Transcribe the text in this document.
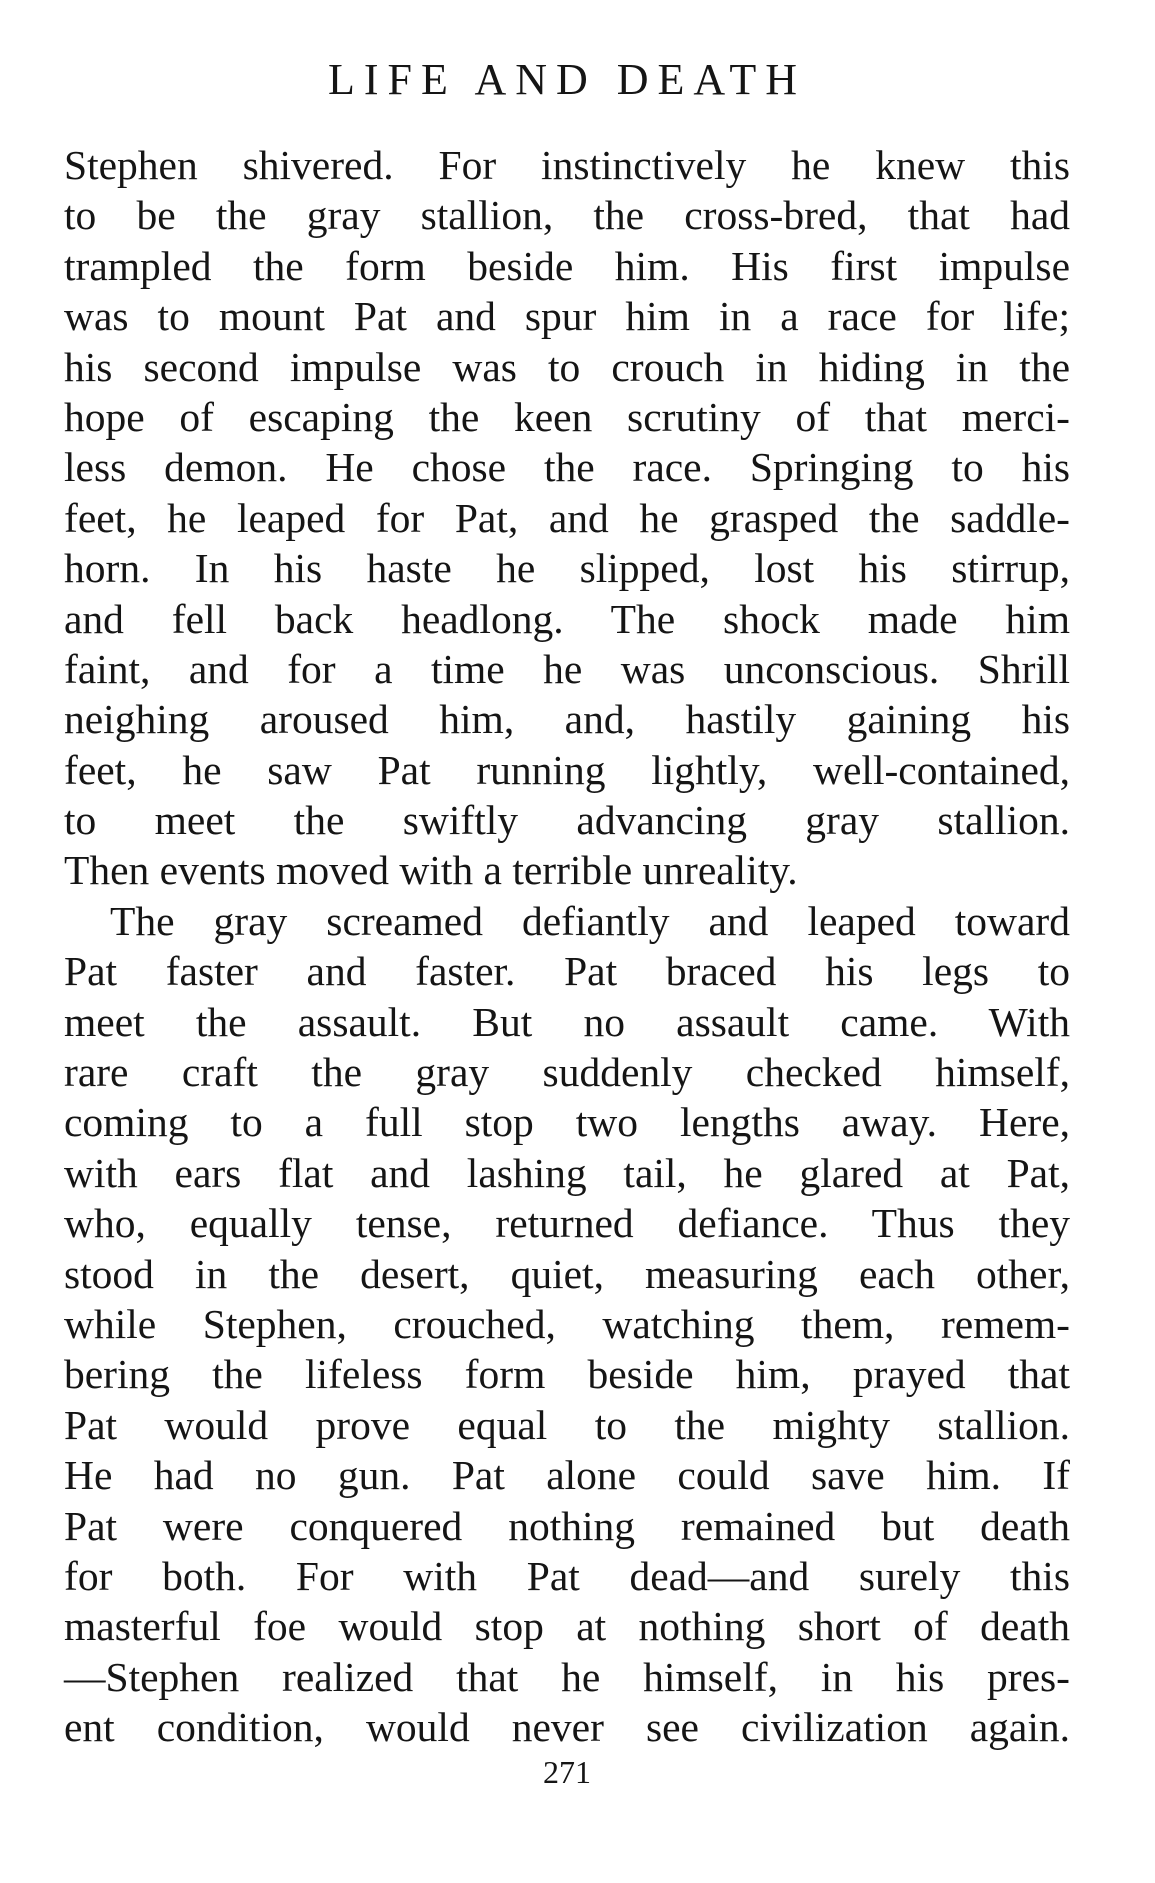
LIFE AND DEATH
Stephen shivered. For instinctively he knew this
to be the gray stallion, the cross-bred, that had
trampled the form beside him. His first impulse
was to mount Pat and spur him in a race for life;
his second impulse was to crouch in hiding in the
hope of escaping the keen scrutiny of that merci-
less demon. He chose the race. Springing to his
feet, he leaped for Pat, and he grasped the saddle-
horn. In his haste he slipped, lost his stirrup,
and fell back headlong. The shock made him
faint, and for a time he was unconscious. Shrill
neighing aroused him, and, hastily gaining his
feet, he saw Pat running lightly, well-contained,
to meet the swiftly advancing gray stallion.
Then events moved with a terrible unreality.
The gray screamed defiantly and leaped toward
Pat faster and faster. Pat braced his legs to
meet the assault. But no assault came. With
rare craft the gray suddenly checked himself,
coming to a full stop two lengths away. Here,
with ears flat and lashing tail, he glared at Pat,
who, equally tense, returned defiance. Thus they
stood in the desert, quiet, measuring each other,
while Stephen, crouched, watching them, remem-
bering the lifeless form beside him, prayed that
Pat would prove equal to the mighty stallion.
He had no gun. Pat alone could save him. If
Pat were conquered nothing remained but death
for both. For with Pat dead—and surely this
masterful foe would stop at nothing short of death
—Stephen realized that he himself, in his pres-
ent condition, would never see civilization again.
271
